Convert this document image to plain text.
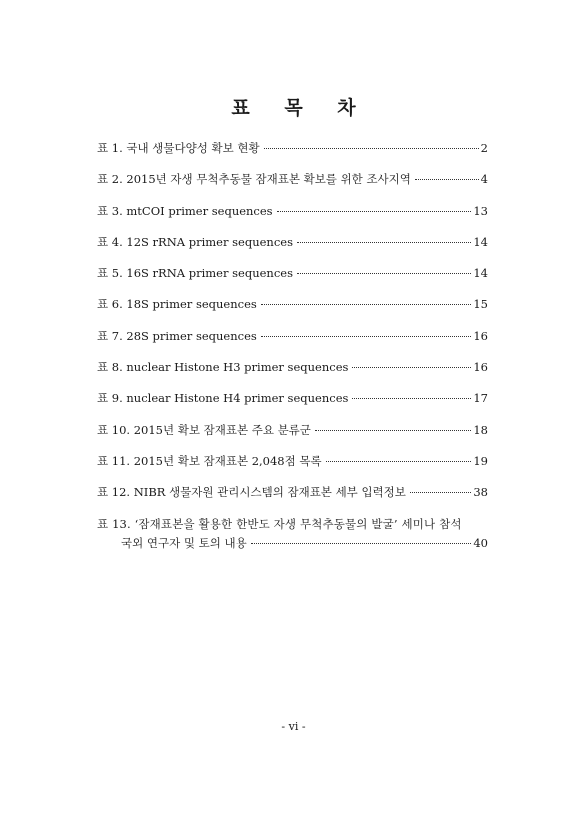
표 목 차
표 1. 국내 생물다양성 확보 현황	2
표 2. 2015년 자생 무척추동물 잠재표본 확보를 위한 조사지역	4
표 3. mtCOI primer sequences	13
표 4. 12S rRNA primer sequences	14
표 5. 16S rRNA primer sequences	14
표 6. 18S primer sequences	15
표 7. 28S primer sequences	16
표 8. nuclear Histone H3 primer sequences	16
표 9. nuclear Histone H4 primer sequences	17
표 10. 2015년 확보 잠재표본 주요 분류군	18
표 11. 2015년 확보 잠재표본 2,048점 목록	19
표 12. NIBR 생물자원 관리시스템의 잠재표본 세부 입력정보	38
표 13. ‘잠재표본을 활용한 한반도 자생 무척추동물의 발굴’ 세미나 참석
국외 연구자 및 토의 내용	40

- vi -
